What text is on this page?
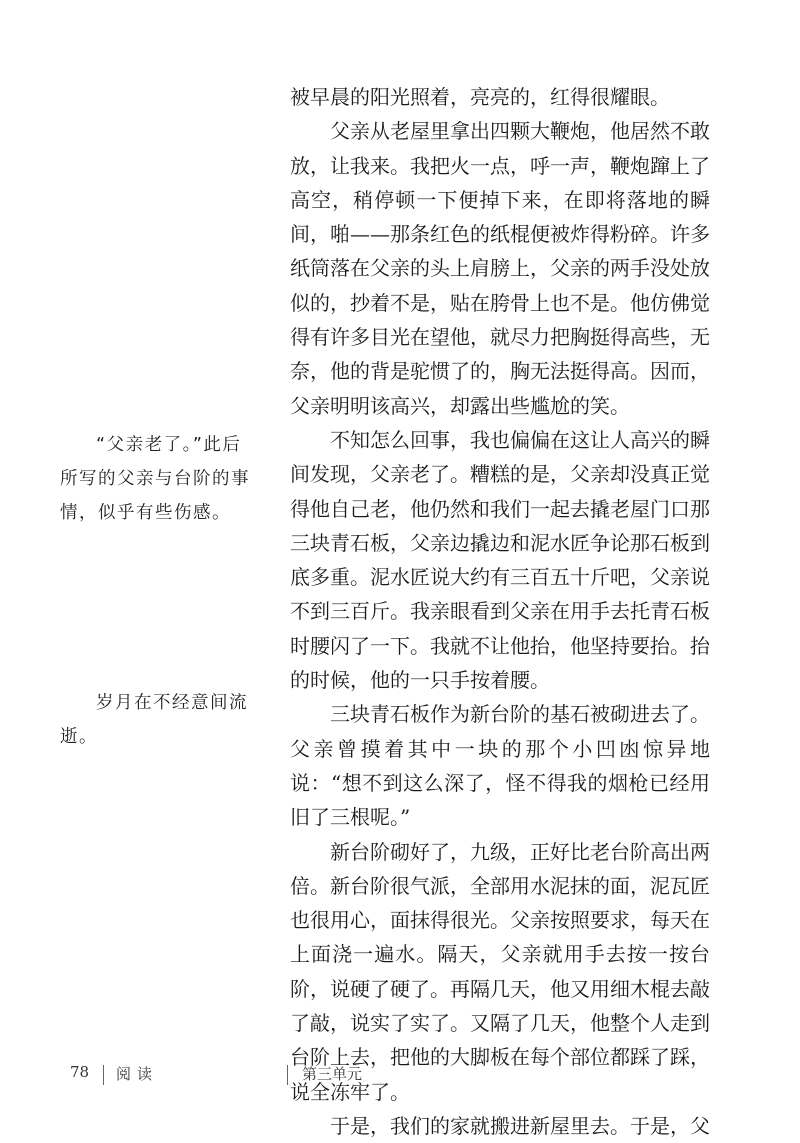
被早晨的阳光照着，亮亮的，红得很耀眼。

父亲从老屋里拿出四颗大鞭炮，他居然不敢放，让我来。我把火一点，呼一声，鞭炮蹿上了高空，稍停顿一下便掉下来，在即将落地的瞬间，啪——那条红色的纸棍便被炸得粉碎。许多纸筒落在父亲的头上肩膀上，父亲的两手没处放似的，抄着不是，贴在胯骨上也不是。他仿佛觉得有许多目光在望他，就尽力把胸挺得高些，无奈，他的背是驼惯了的，胸无法挺得高。因而，父亲明明该高兴，却露出些尴尬的笑。

不知怎么回事，我也偏偏在这让人高兴的瞬间发现，父亲老了。糟糕的是，父亲却没真正觉得他自己老，他仍然和我们一起去撬老屋门口那三块青石板，父亲边撬边和泥水匠争论那石板到底多重。泥水匠说大约有三百五十斤吧，父亲说不到三百斤。我亲眼看到父亲在用手去托青石板时腰闪了一下。我就不让他抬，他坚持要抬。抬的时候，他的一只手按着腰。

三块青石板作为新台阶的基石被砌进去了。父亲曾摸着其中一块的那个小凹凼惊异地说：“想不到这么深了，怪不得我的烟枪已经用旧了三根呢。”

新台阶砌好了，九级，正好比老台阶高出两倍。新台阶很气派，全部用水泥抹的面，泥瓦匠也很用心，面抹得很光。父亲按照要求，每天在上面浇一遍水。隔天，父亲就用手去按一按台阶，说硬了硬了。再隔几天，他又用细木棍去敲了敲，说实了实了。又隔了几天，他整个人走到台阶上去，把他的大脚板在每个部位都踩了踩，说全冻牢了。

于是，我们的家就搬进新屋里去。于是，父

“父亲老了。”此后所写的父亲与台阶的事情，似乎有些伤感。

岁月在不经意间流逝。

78 阅读	第三单元
